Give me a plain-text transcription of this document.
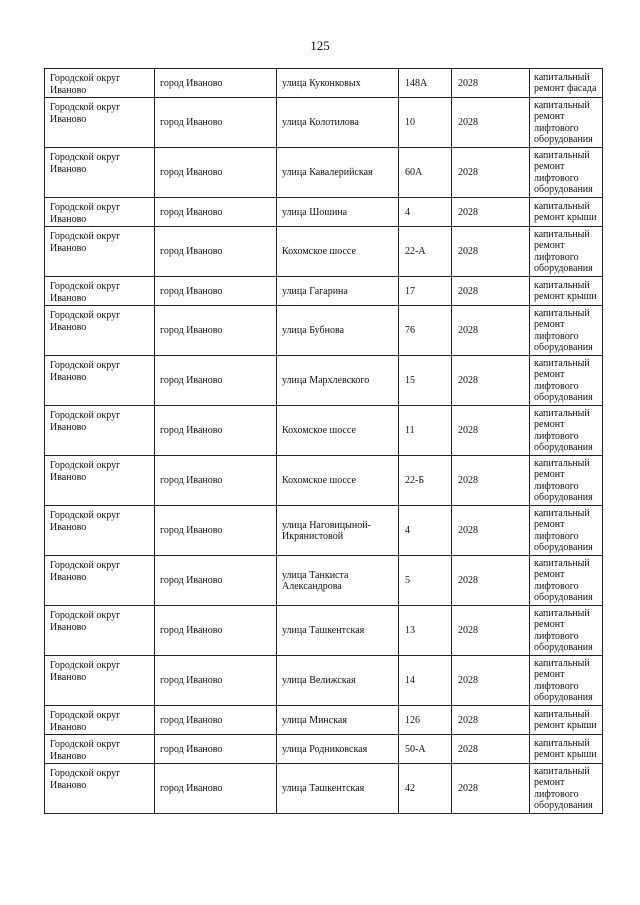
125
Городской округ Иваново	город Иваново	улица Куконковых	148А	2028	капитальный ремонт фасада
Городской округ Иваново	город Иваново	улица Колотилова	10	2028	капитальный ремонт лифтового оборудования
Городской округ Иваново	город Иваново	улица Кавалерийская	60А	2028	капитальный ремонт лифтового оборудования
Городской округ Иваново	город Иваново	улица Шошина	4	2028	капитальный ремонт крыши
Городской округ Иваново	город Иваново	Кохомское шоссе	22-А	2028	капитальный ремонт лифтового оборудования
Городской округ Иваново	город Иваново	улица Гагарина	17	2028	капитальный ремонт крыши
Городской округ Иваново	город Иваново	улица Бубнова	76	2028	капитальный ремонт лифтового оборудования
Городской округ Иваново	город Иваново	улица Мархлевского	15	2028	капитальный ремонт лифтового оборудования
Городской округ Иваново	город Иваново	Кохомское шоссе	11	2028	капитальный ремонт лифтового оборудования
Городской округ Иваново	город Иваново	Кохомское шоссе	22-Б	2028	капитальный ремонт лифтового оборудования
Городской округ Иваново	город Иваново	улица Наговицыной-Икрянистовой	4	2028	капитальный ремонт лифтового оборудования
Городской округ Иваново	город Иваново	улица Танкиста Александрова	5	2028	капитальный ремонт лифтового оборудования
Городской округ Иваново	город Иваново	улица Ташкентская	13	2028	капитальный ремонт лифтового оборудования
Городской округ Иваново	город Иваново	улица Велижская	14	2028	капитальный ремонт лифтового оборудования
Городской округ Иваново	город Иваново	улица Минская	126	2028	капитальный ремонт крыши
Городской округ Иваново	город Иваново	улица Родниковская	50-А	2028	капитальный ремонт крыши
Городской округ Иваново	город Иваново	улица Ташкентская	42	2028	капитальный ремонт лифтового оборудования
